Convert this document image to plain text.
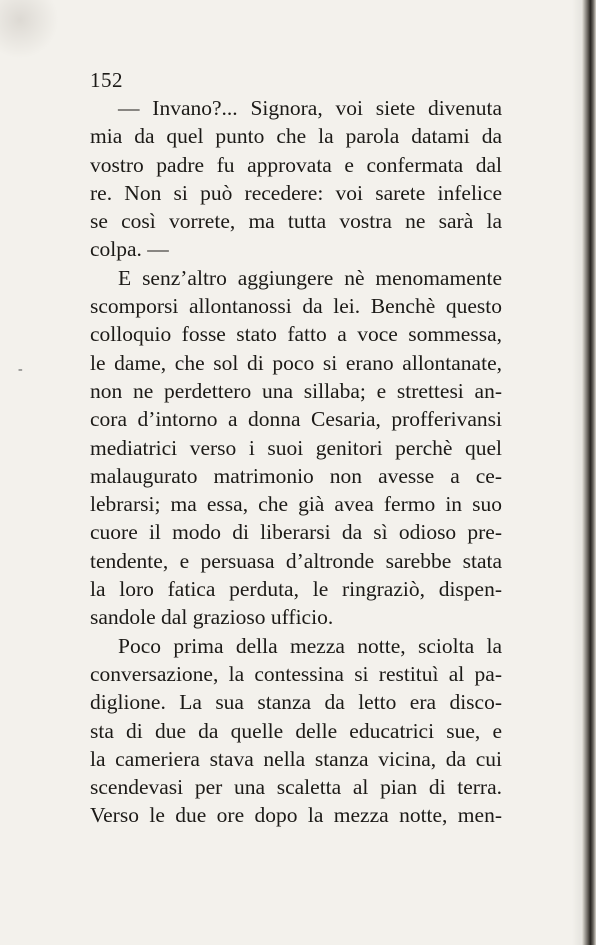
-
152
— Invano?... Signora, voi siete divenuta
mia da quel punto che la parola datami da
vostro padre fu approvata e confermata dal
re. Non si può recedere: voi sarete infelice
se così vorrete, ma tutta vostra ne sarà la
colpa. —
E senz’altro aggiungere nè menomamente
scomporsi allontanossi da lei. Benchè questo
colloquio fosse stato fatto a voce sommessa,
le dame, che sol di poco si erano allontanate,
non ne perdettero una sillaba; e strettesi an-
cora d’intorno a donna Cesaria, profferivansi
mediatrici verso i suoi genitori perchè quel
malaugurato matrimonio non avesse a ce-
lebrarsi; ma essa, che già avea fermo in suo
cuore il modo di liberarsi da sì odioso pre-
tendente, e persuasa d’altronde sarebbe stata
la loro fatica perduta, le ringraziò, dispen-
sandole dal grazioso ufficio.
Poco prima della mezza notte, sciolta la
conversazione, la contessina si restituì al pa-
diglione. La sua stanza da letto era disco-
sta di due da quelle delle educatrici sue, e
la cameriera stava nella stanza vicina, da cui
scendevasi per una scaletta al pian di terra.
Verso le due ore dopo la mezza notte, men-
